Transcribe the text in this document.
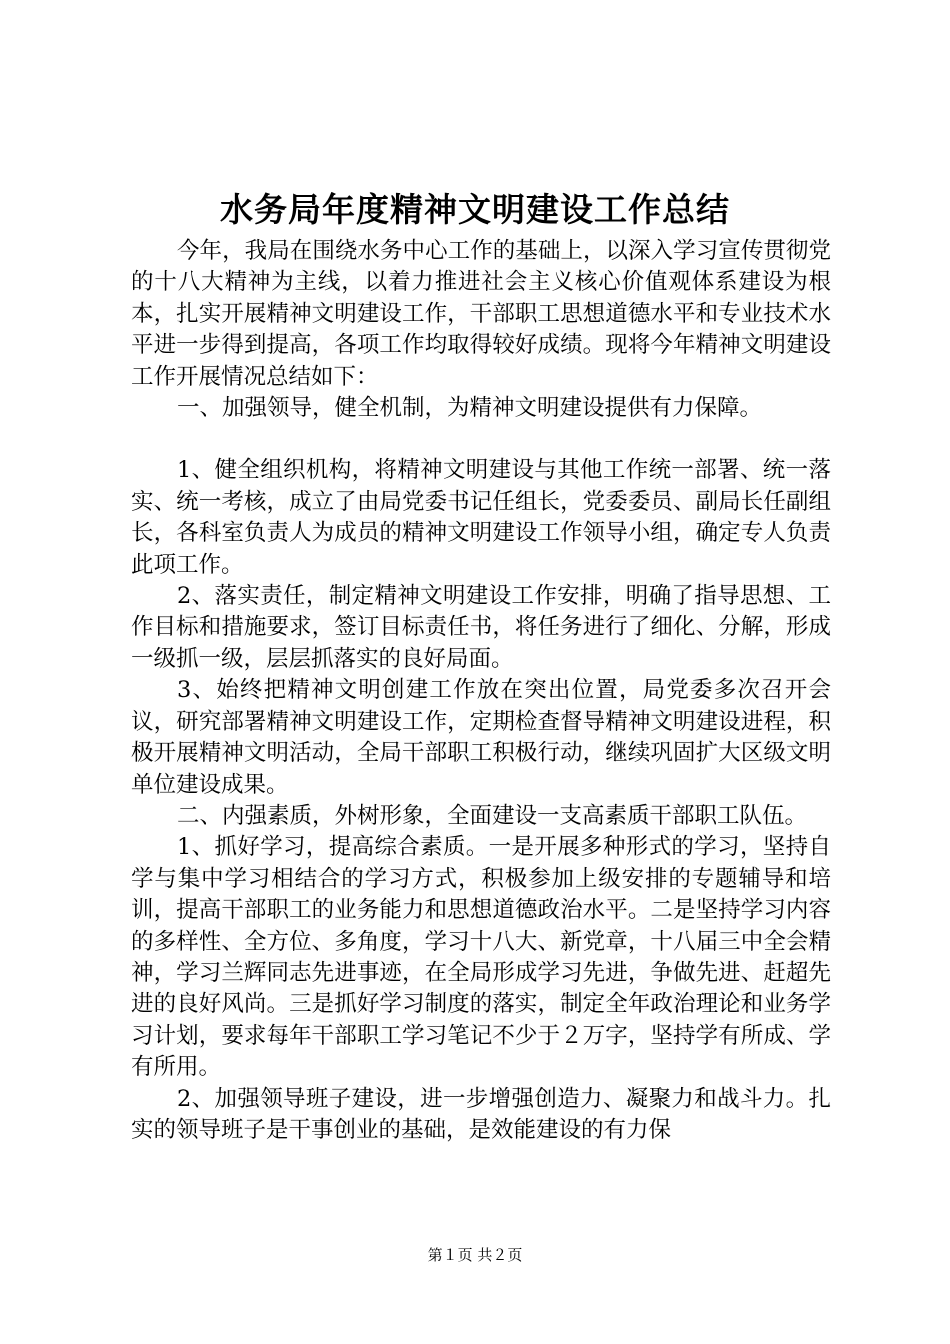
水务局年度精神文明建设工作总结

今年，我局在围绕水务中心工作的基础上，以深入学习宣传贯彻党的十八大精神为主线，以着力推进社会主义核心价值观体系建设为根本，扎实开展精神文明建设工作，干部职工思想道德水平和专业技术水平进一步得到提高，各项工作均取得较好成绩。现将今年精神文明建设工作开展情况总结如下：

一、加强领导，健全机制，为精神文明建设提供有力保障。

1、健全组织机构，将精神文明建设与其他工作统一部署、统一落实、统一考核，成立了由局党委书记任组长，党委委员、副局长任副组长，各科室负责人为成员的精神文明建设工作领导小组，确定专人负责此项工作。

2、落实责任，制定精神文明建设工作安排，明确了指导思想、工作目标和措施要求，签订目标责任书，将任务进行了细化、分解，形成一级抓一级，层层抓落实的良好局面。

3、始终把精神文明创建工作放在突出位置，局党委多次召开会议，研究部署精神文明建设工作，定期检查督导精神文明建设进程，积极开展精神文明活动，全局干部职工积极行动，继续巩固扩大区级文明单位建设成果。

二、内强素质，外树形象，全面建设一支高素质干部职工队伍。

1、抓好学习，提高综合素质。一是开展多种形式的学习，坚持自学与集中学习相结合的学习方式，积极参加上级安排的专题辅导和培训，提高干部职工的业务能力和思想道德政治水平。二是坚持学习内容的多样性、全方位、多角度，学习十八大、新党章，十八届三中全会精神，学习兰辉同志先进事迹，在全局形成学习先进，争做先进、赶超先进的良好风尚。三是抓好学习制度的落实，制定全年政治理论和业务学习计划，要求每年干部职工学习笔记不少于２万字，坚持学有所成、学有所用。

2、加强领导班子建设，进一步增强创造力、凝聚力和战斗力。扎实的领导班子是干事创业的基础，是效能建设的有力保

第１页 共２页
